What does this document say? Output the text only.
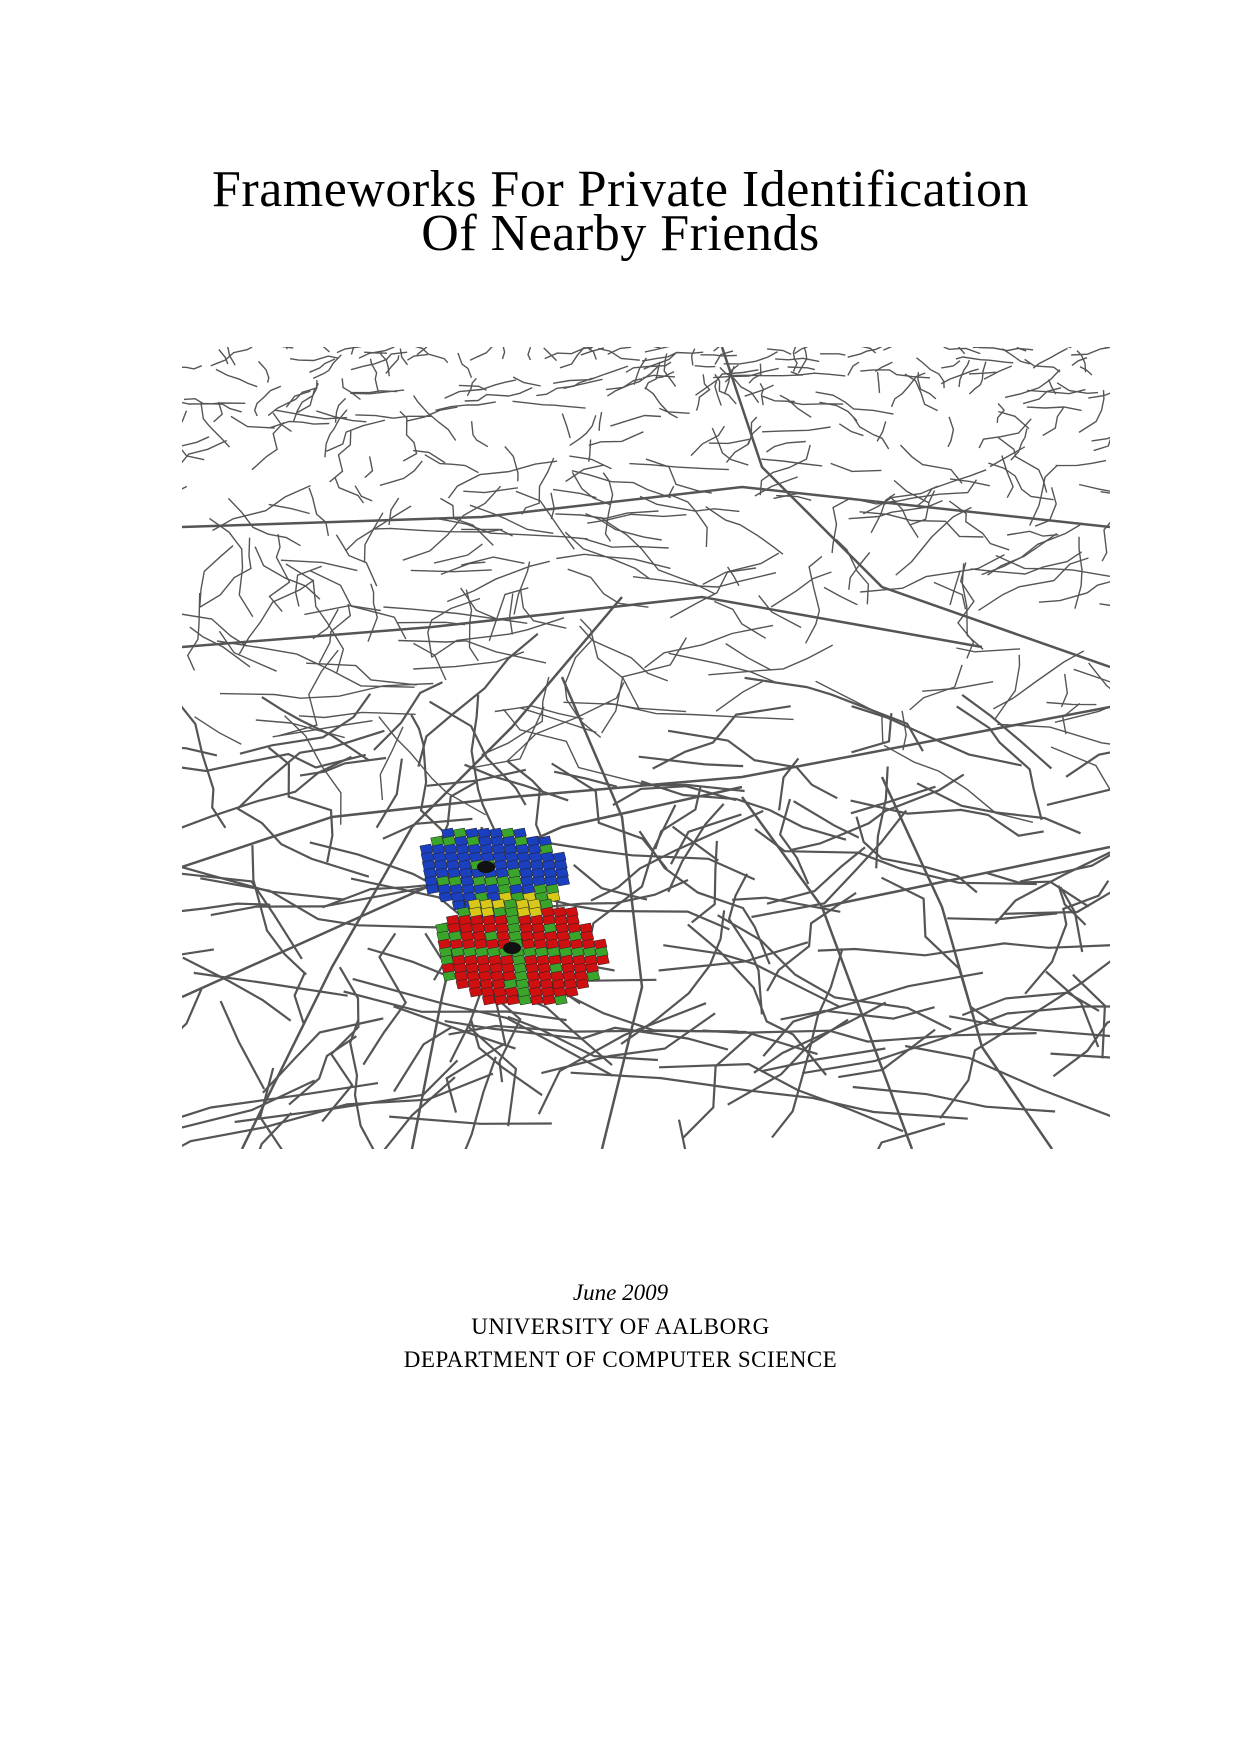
Frameworks For Private Identification
Of Nearby Friends
June 2009
UNIVERSITY OF AALBORG
DEPARTMENT OF COMPUTER SCIENCE
